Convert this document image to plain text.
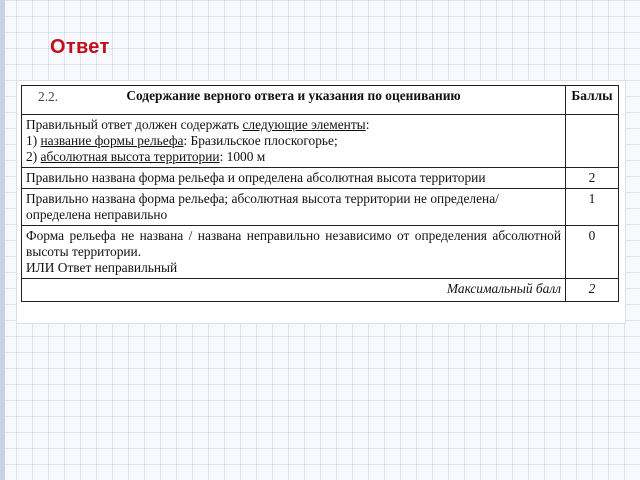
Ответ
2.2. Содержание верного ответа и указания по оцениванию	Баллы

Правильный ответ должен содержать следующие элементы:
1) название формы рельефа: Бразильское плоскогорье;
2) абсолютная высота территории: 1000 м	

Правильно названа форма рельефа и определена абсолютная высота территории	2
Правильно названа форма рельефа; абсолютная высота территории не определена/ определена неправильно	1

Форма рельефа не названа / названа неправильно независимо от определения абсолютной высоты территории.
ИЛИ Ответ неправильный	0
Максимальный балл	2
